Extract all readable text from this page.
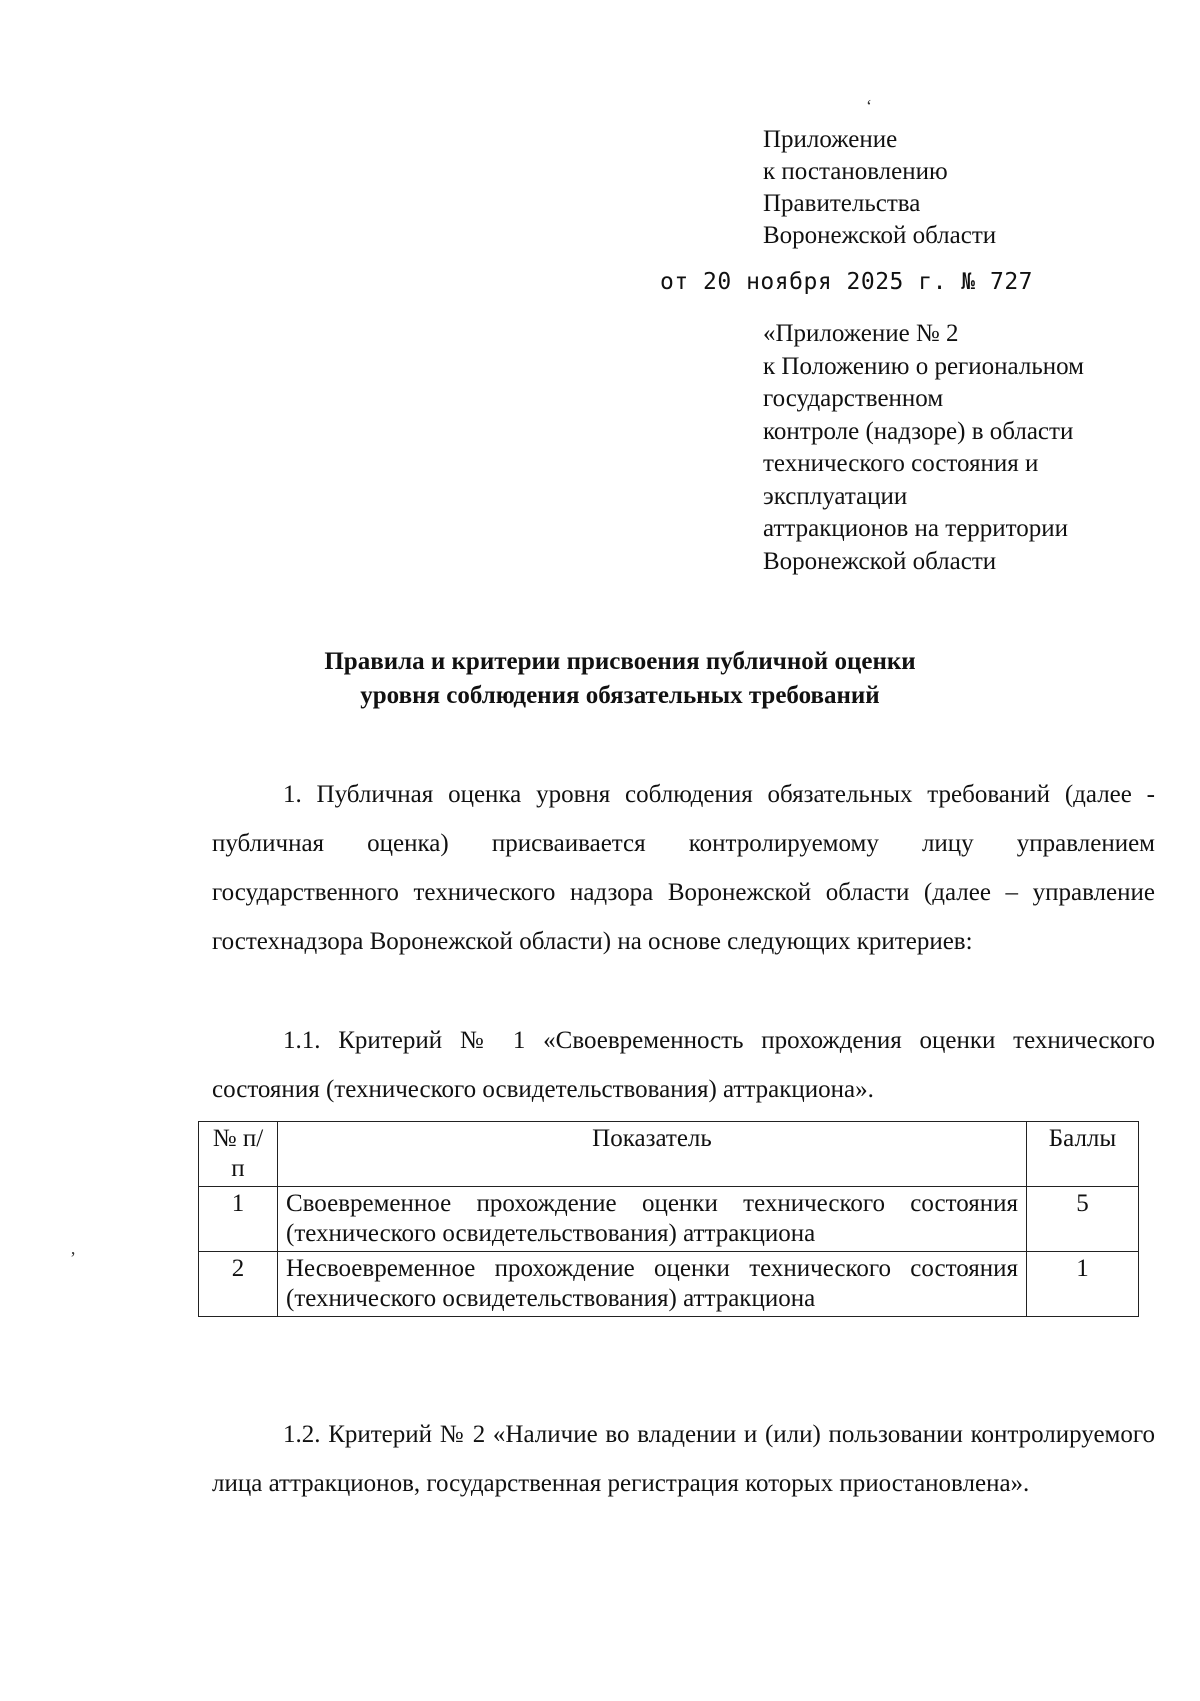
Приложение
к постановлению
Правительства
Воронежской области
от 20 ноября 2025 г. № 727
«Приложение № 2
к Положению о региональном
государственном
контроле (надзоре) в области
технического состояния и
эксплуатации
аттракционов на территории
Воронежской области
Правила и критерии присвоения публичной оценки
уровня соблюдения обязательных требований

1. Публичная оценка уровня соблюдения обязательных требований (далее - публичная оценка) присваивается контролируемому лицу управлением государственного технического надзора Воронежской области (далее – управление гостехнадзора Воронежской области) на основе следующих критериев:

1.1. Критерий № 1 «Своевременность прохождения оценки технического состояния (технического освидетельствования) аттракциона».

№ п/п	Показатель	Баллы
1	Своевременное прохождение оценки технического состояния (технического освидетельствования) аттракциона	5
2	Несвоевременное прохождение оценки технического состояния (технического освидетельствования) аттракциона	1

1.2. Критерий № 2 «Наличие во владении и (или) пользовании контролируемого лица аттракционов, государственная регистрация которых приостановлена».

‘
‚
